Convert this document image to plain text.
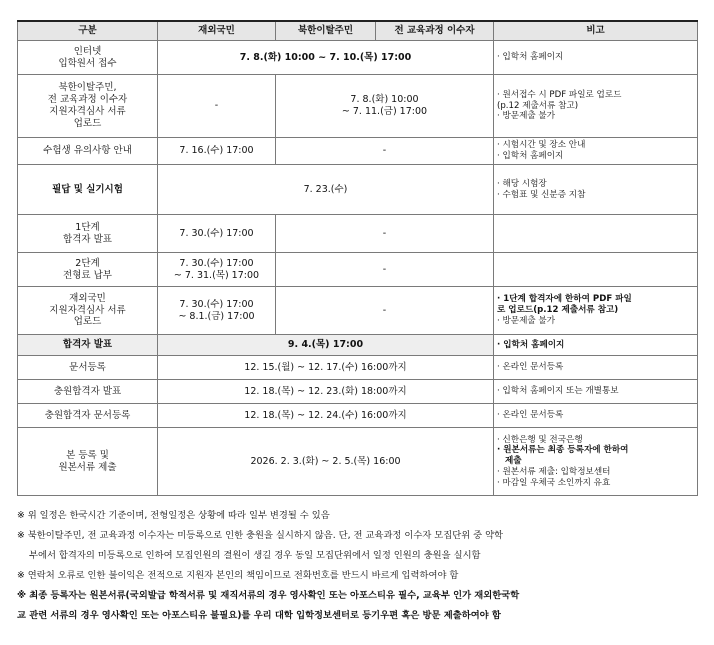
구분	재외국민	북한이탈주민	전 교육과정 이수자	비고

인터넷
입학원서 접수	7. 8.(화) 10:00 ~ 7. 10.(목) 17:00			· 입학처 홈페이지

북한이탈주민,
전 교육과정 이수자
지원자격심사 서류
업로드	-	7. 8.(화) 10:00
~ 7. 11.(금) 17:00		· 원서접수 시 PDF 파일로 업로드
(p.12 제출서류 참고)
· 방문제출 불가

수험생 유의사항 안내	7. 16.(수) 17:00	-		· 시험시간 및 장소 안내
· 입학처 홈페이지

필답 및 실기시험	7. 23.(수)			· 해당 시험장
· 수험표 및 신분증 지참

1단계
합격자 발표	7. 30.(수) 17:00	-		

2단계
전형료 납부	7. 30.(수) 17:00
~ 7. 31.(목) 17:00	-		

재외국민
지원자격심사 서류
업로드	7. 30.(수) 17:00
~ 8.1.(금) 17:00	-		· 1단계 합격자에 한하여 PDF 파일
로 업로드(p.12 제출서류 참고)
· 방문제출 불가

합격자 발표	9. 4.(목) 17:00			· 입학처 홈페이지
문서등록	12. 15.(월) ~ 12. 17.(수) 16:00까지			· 온라인 문서등록
충원합격자 발표	12. 18.(목) ~ 12. 23.(화) 18:00까지			· 입학처 홈페이지 또는 개별통보
충원합격자 문서등록	12. 18.(목) ~ 12. 24.(수) 16:00까지			· 온라인 문서등록

본 등록 및
원본서류 제출	2026. 2. 3.(화) ~ 2. 5.(목) 16:00			· 신한은행 및 전국은행
· 원본서류는 최종 등록자에 한하여
제출
· 원본서류 제출: 입학정보센터
· 마감일 우체국 소인까지 유효
※ 위 일정은 한국시간 기준이며, 전형일정은 상황에 따라 일부 변경될 수 있음
※ 북한이탈주민, 전 교육과정 이수자는 미등록으로 인한 충원을 실시하지 않음. 단, 전 교육과정 이수자 모집단위 중 약학
부에서 합격자의 미등록으로 인하여 모집인원의 결원이 생길 경우 동일 모집단위에서 일정 인원의 충원을 실시함
※ 연락처 오류로 인한 불이익은 전적으로 지원자 본인의 책임이므로 전화번호를 반드시 바르게 입력하여야 함
※ 최종 등록자는 원본서류(국외발급 학적서류 및 재직서류의 경우 영사확인 또는 아포스티유 필수, 교육부 인가 재외한국학
교 관련 서류의 경우 영사확인 또는 아포스티유 불필요)를 우리 대학 입학정보센터로 등기우편 혹은 방문 제출하여야 함
